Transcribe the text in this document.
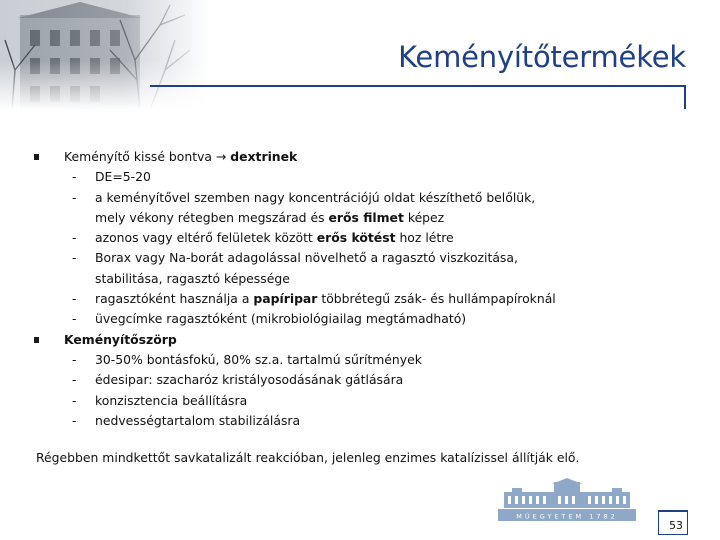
Keményítőtermékek
Keményítő kissé bontva → dextrinek
- DE=5-20
- a keményítővel szemben nagy koncentrációjú oldat készíthető belőlük,
mely vékony rétegben megszárad és erős filmet képez
- azonos vagy eltérő felületek között erős kötést hoz létre
- Borax vagy Na-borát adagolással növelhető a ragasztó viszkozitása,
stabilitása, ragasztó képessége
- ragasztóként használja a papíripar többrétegű zsák- és hullámpapíroknál
- üvegcímke ragasztóként (mikrobiológiailag megtámadható)
Keményítőszörp
- 30-50% bontásfokú, 80% sz.a. tartalmú sűrítmények
- édesipar: szacharóz kristályosodásának gátlására
- konzisztencia beállításra
- nedvességtartalom stabilizálásra
Régebben mindkettőt savkatalizált reakcióban, jelenleg enzimes katalízissel állítják elő.
MŰEGYETEM 1782
53
